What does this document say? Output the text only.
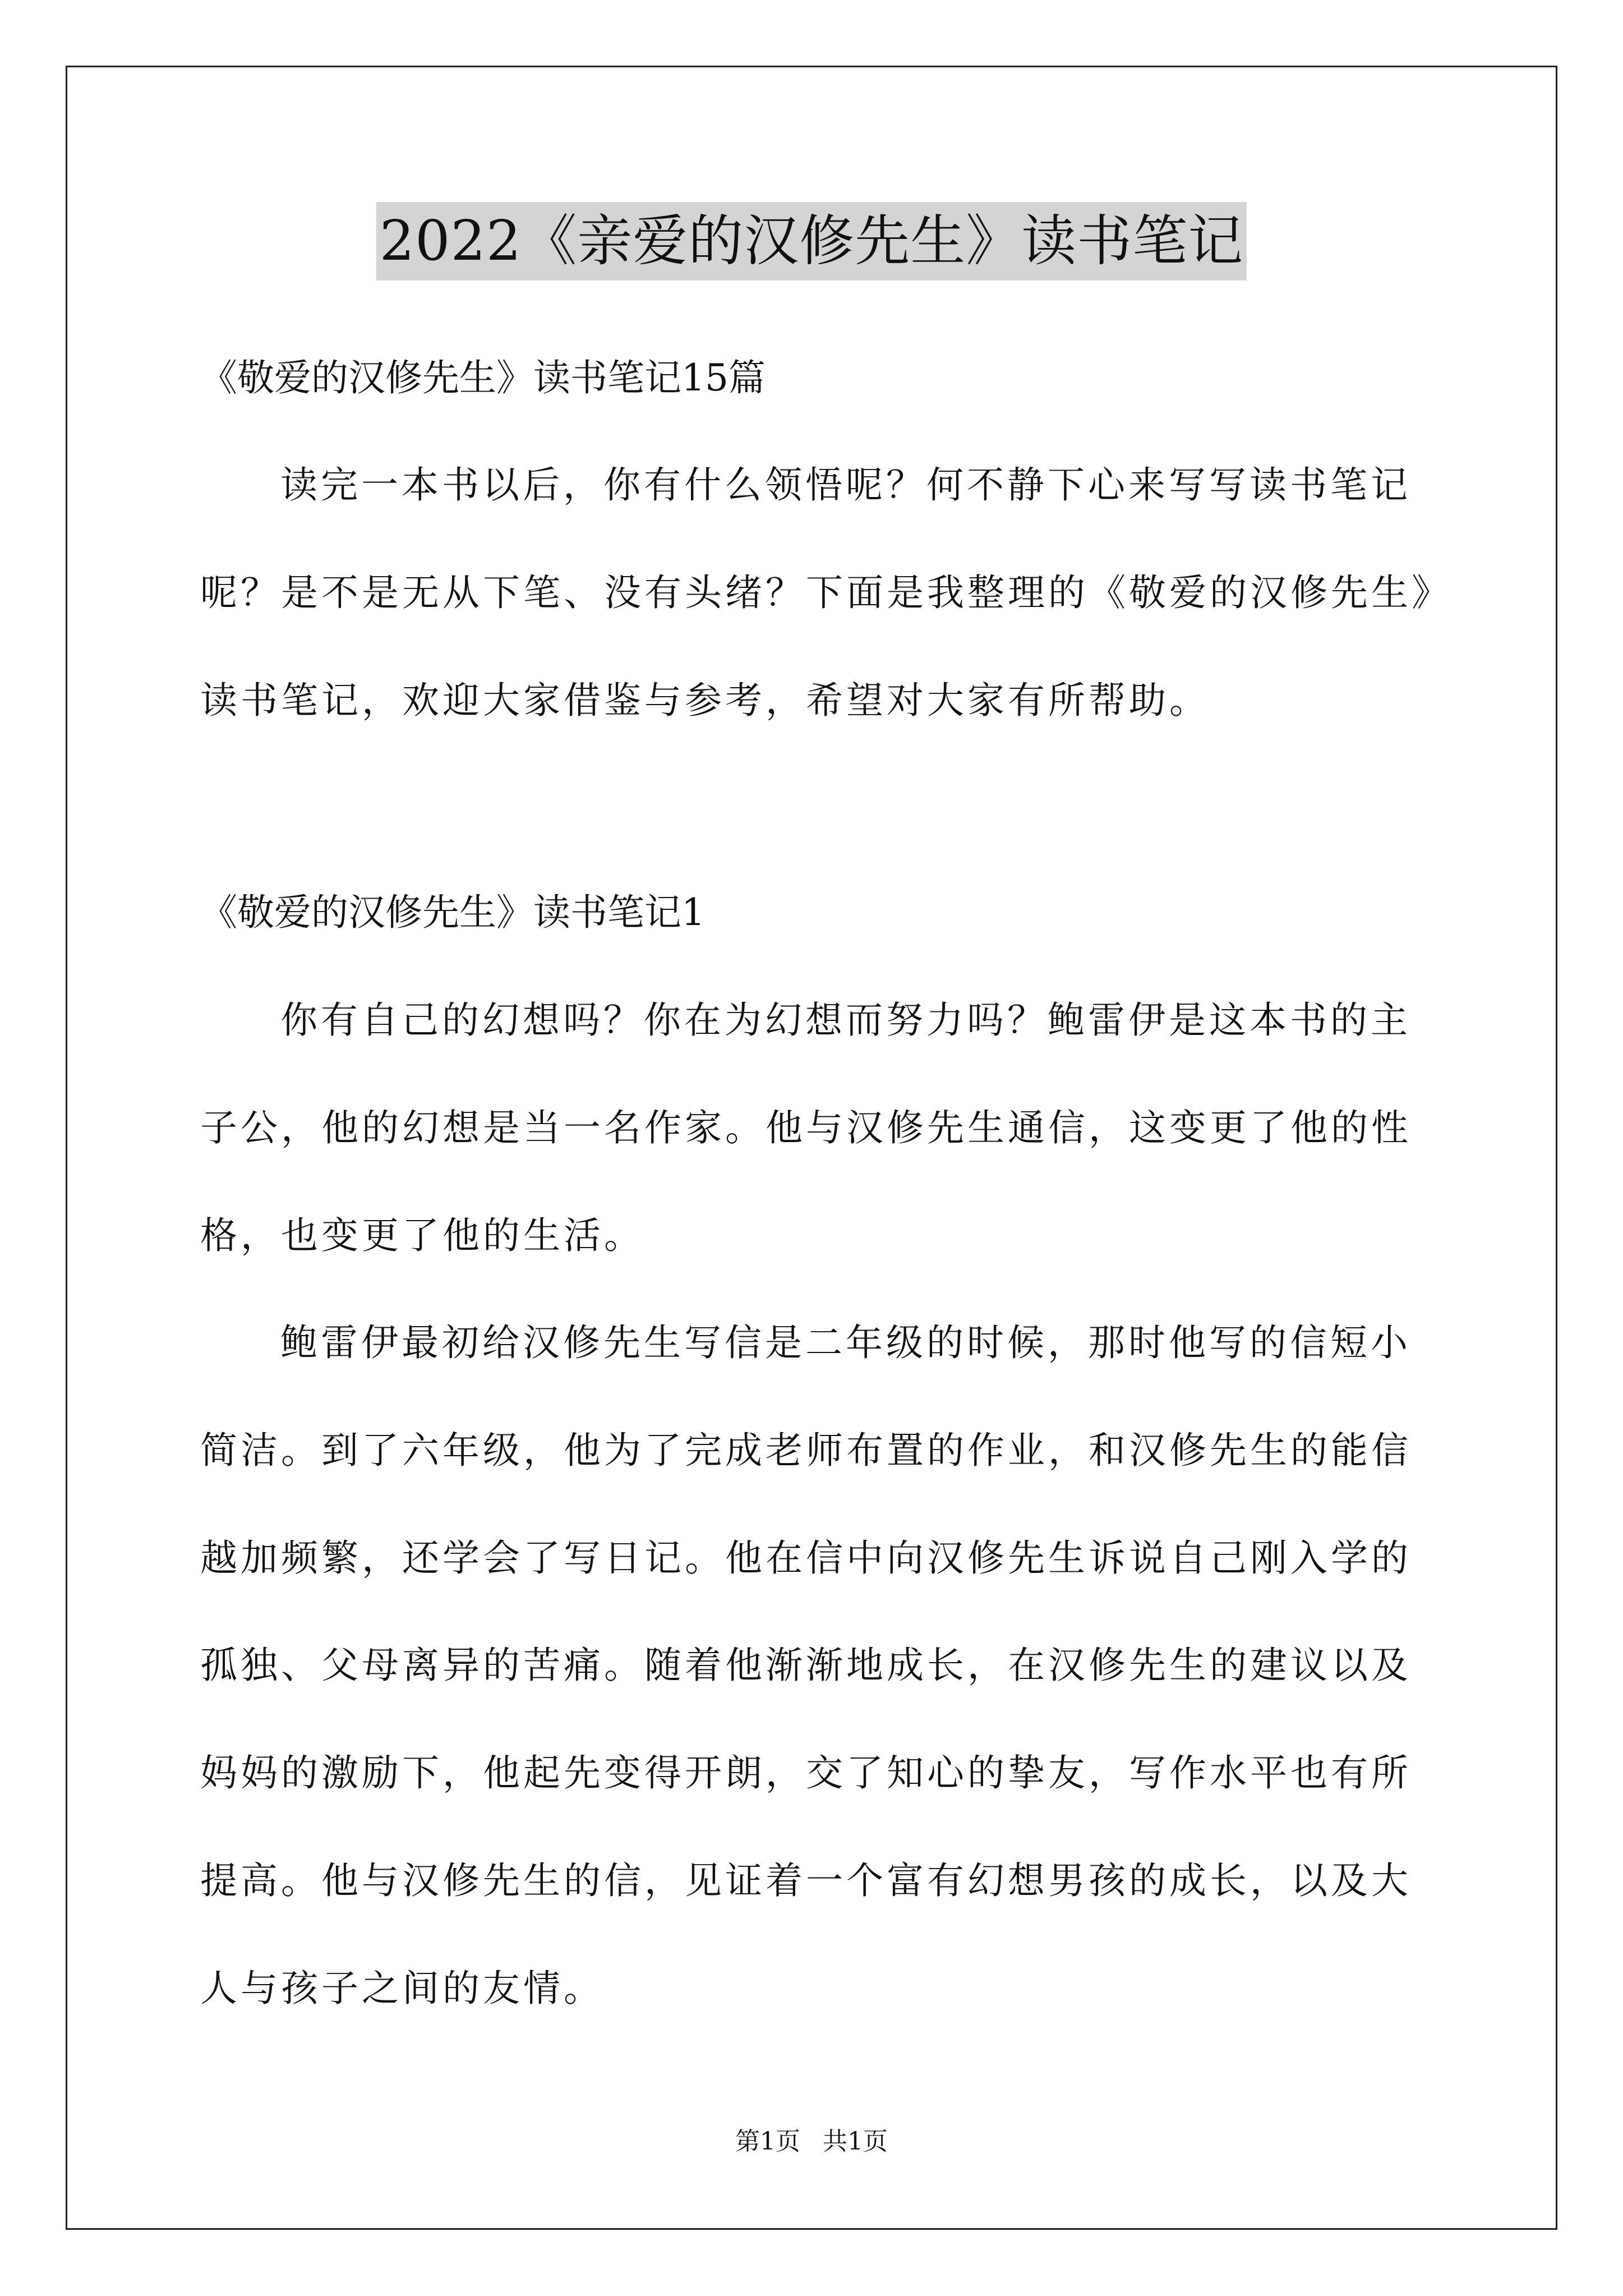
2022《亲爱的汉修先生》读书笔记
《敬爱的汉修先生》读书笔记15篇
读完一本书以后，你有什么领悟呢？何不静下心来写写读书笔记
呢？是不是无从下笔、没有头绪？下面是我整理的《敬爱的汉修先生》
读书笔记，欢迎大家借鉴与参考，希望对大家有所帮助。
《敬爱的汉修先生》读书笔记1
你有自己的幻想吗？你在为幻想而努力吗？鲍雷伊是这本书的主
子公，他的幻想是当一名作家。他与汉修先生通信，这变更了他的性
格，也变更了他的生活。
鲍雷伊最初给汉修先生写信是二年级的时候，那时他写的信短小
简洁。到了六年级，他为了完成老师布置的作业，和汉修先生的能信
越加频繁，还学会了写日记。他在信中向汉修先生诉说自己刚入学的
孤独、父母离异的苦痛。随着他渐渐地成长，在汉修先生的建议以及
妈妈的激励下，他起先变得开朗，交了知心的挚友，写作水平也有所
提高。他与汉修先生的信，见证着一个富有幻想男孩的成长，以及大
人与孩子之间的友情。
第1页 共1页
